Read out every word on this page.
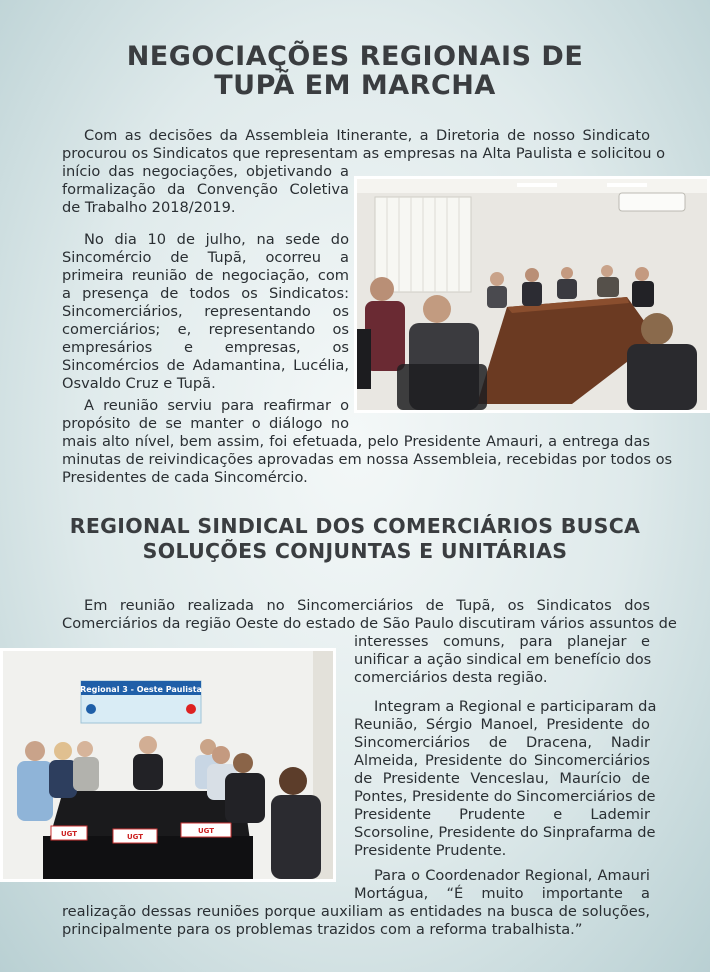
NEGOCIAÇÕES REGIONAIS DE
TUPÃ EM MARCHA
Com as decisões da Assembleia Itinerante, a Diretoria de nosso Sindicato
procurou os Sindicatos que representam as empresas na Alta Paulista e solicitou o
início das negociações, objetivando a
formalização da Convenção Coletiva
de Trabalho 2018/2019.
No dia 10 de julho, na sede do
Sincomércio de Tupã, ocorreu a
primeira reunião de negociação, com
a presença de todos os Sindicatos:
Sincomerciários, representando os
comerciários; e, representando os
empresários e empresas, os
Sincomércios de Adamantina, Lucélia,
Osvaldo Cruz e Tupã.
A reunião serviu para reafirmar o
propósito de se manter o diálogo no
mais alto nível, bem assim, foi efetuada, pelo Presidente Amauri, a entrega das
minutas de reivindicações aprovadas em nossa Assembleia, recebidas por todos os
Presidentes de cada Sincomércio.
REGIONAL SINDICAL DOS COMERCIÁRIOS BUSCA
SOLUÇÕES CONJUNTAS E UNITÁRIAS
Em reunião realizada no Sincomerciários de Tupã, os Sindicatos dos
Comerciários da região Oeste do estado de São Paulo discutiram vários assuntos de
interesses comuns, para planejar e
unificar a ação sindical em benefício dos
comerciários desta região.
Integram a Regional e participaram da
Reunião, Sérgio Manoel, Presidente do
Sincomerciários de Dracena, Nadir
Almeida, Presidente do Sincomerciários
de Presidente Venceslau, Maurício de
Pontes, Presidente do Sincomerciários de
Presidente Prudente e Lademir
Scorsoline, Presidente do Sinprafarma de
Presidente Prudente.
Para o Coordenador Regional, Amauri
Mortágua, “É muito importante a
realização dessas reuniões porque auxiliam as entidades na busca de soluções,
principalmente para os problemas trazidos com a reforma trabalhista.”
Regional 3 - Oeste Paulista
UGT	UGT
UGT
